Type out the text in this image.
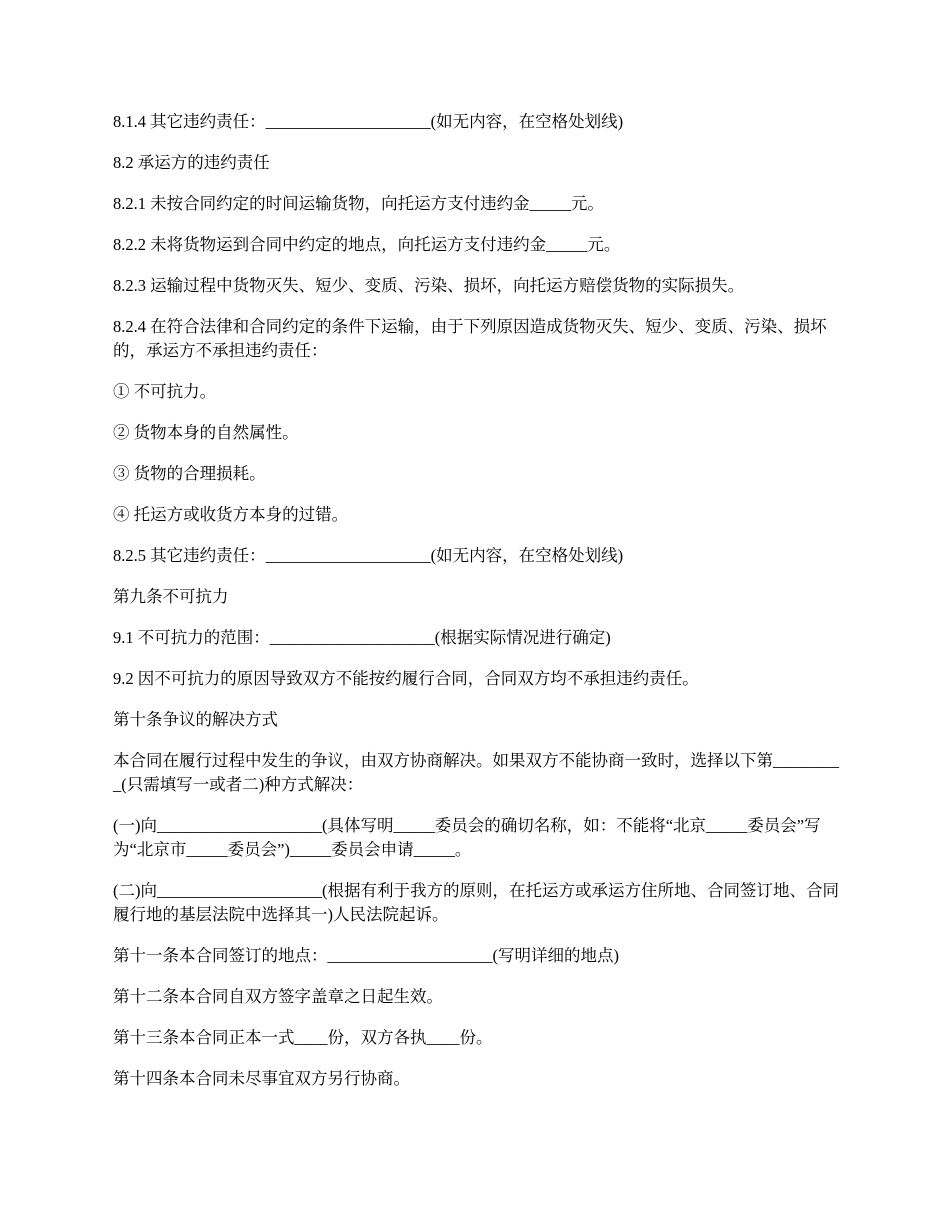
8.1.4 其它违约责任：____________________(如无内容，在空格处划线)

8.2 承运方的违约责任

8.2.1 未按合同约定的时间运输货物，向托运方支付违约金_____元。

8.2.2 未将货物运到合同中约定的地点，向托运方支付违约金_____元。

8.2.3 运输过程中货物灭失、短少、变质、污染、损坏，向托运方赔偿货物的实际损失。

8.2.4 在符合法律和合同约定的条件下运输，由于下列原因造成货物灭失、短少、变质、污染、损坏的，承运方不承担违约责任：

① 不可抗力。

② 货物本身的自然属性。

③ 货物的合理损耗。

④ 托运方或收货方本身的过错。

8.2.5 其它违约责任：____________________(如无内容，在空格处划线)

第九条不可抗力

9.1 不可抗力的范围：____________________(根据实际情况进行确定)

9.2 因不可抗力的原因导致双方不能按约履行合同，合同双方均不承担违约责任。

第十条争议的解决方式

本合同在履行过程中发生的争议，由双方协商解决。如果双方不能协商一致时，选择以下第_________(只需填写一或者二)种方式解决：

(一)向____________________(具体写明_____委员会的确切名称，如：不能将“北京_____委员会”写为“北京市_____委员会”)_____委员会申请_____。

(二)向____________________(根据有利于我方的原则，在托运方或承运方住所地、合同签订地、合同履行地的基层法院中选择其一)人民法院起诉。

第十一条本合同签订的地点：____________________(写明详细的地点)

第十二条本合同自双方签字盖章之日起生效。

第十三条本合同正本一式____份，双方各执____份。

第十四条本合同未尽事宜双方另行协商。
